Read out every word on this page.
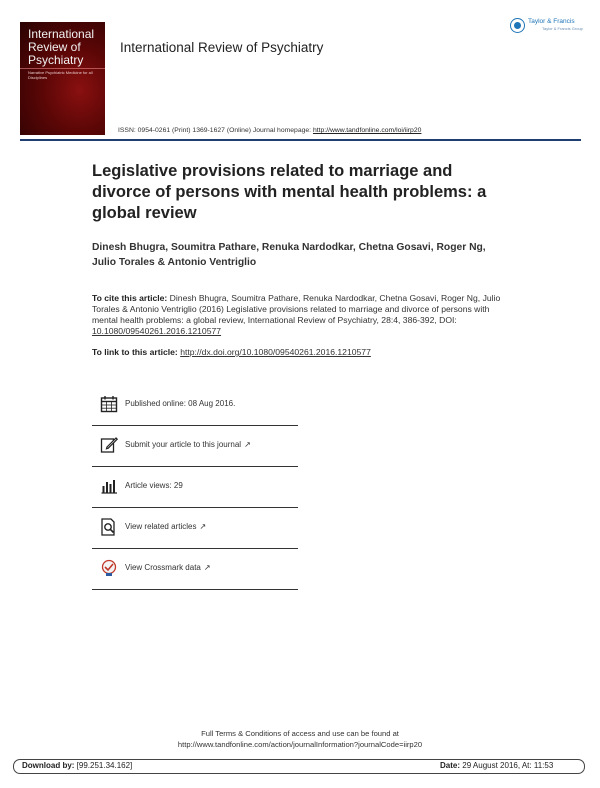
International
Review of
Psychiatry
Narrative Psychiatric Medicine for all Disciplines
International Review of Psychiatry
ISSN: 0954-0261 (Print) 1369-1627 (Online) Journal homepage: http://www.tandfonline.com/loi/iirp20
Taylor & Francis
Taylor & Francis Group
Legislative provisions related to marriage and divorce of persons with mental health problems: a global review
Dinesh Bhugra, Soumitra Pathare, Renuka Nardodkar, Chetna Gosavi, Roger Ng, Julio Torales & Antonio Ventriglio
To cite this article: Dinesh Bhugra, Soumitra Pathare, Renuka Nardodkar, Chetna Gosavi, Roger Ng, Julio Torales & Antonio Ventriglio (2016) Legislative provisions related to marriage and divorce of persons with mental health problems: a global review, International Review of Psychiatry, 28:4, 386-392, DOI: 10.1080/09540261.2016.1210577
To link to this article: http://dx.doi.org/10.1080/09540261.2016.1210577
Published online: 08 Aug 2016.
Submit your article to this journal ↗
Article views: 29
View related articles ↗
View Crossmark data ↗
Full Terms & Conditions of access and use can be found at
http://www.tandfonline.com/action/journalInformation?journalCode=iirp20
Download by: [99.251.34.162]	Date: 29 August 2016, At: 11:53
